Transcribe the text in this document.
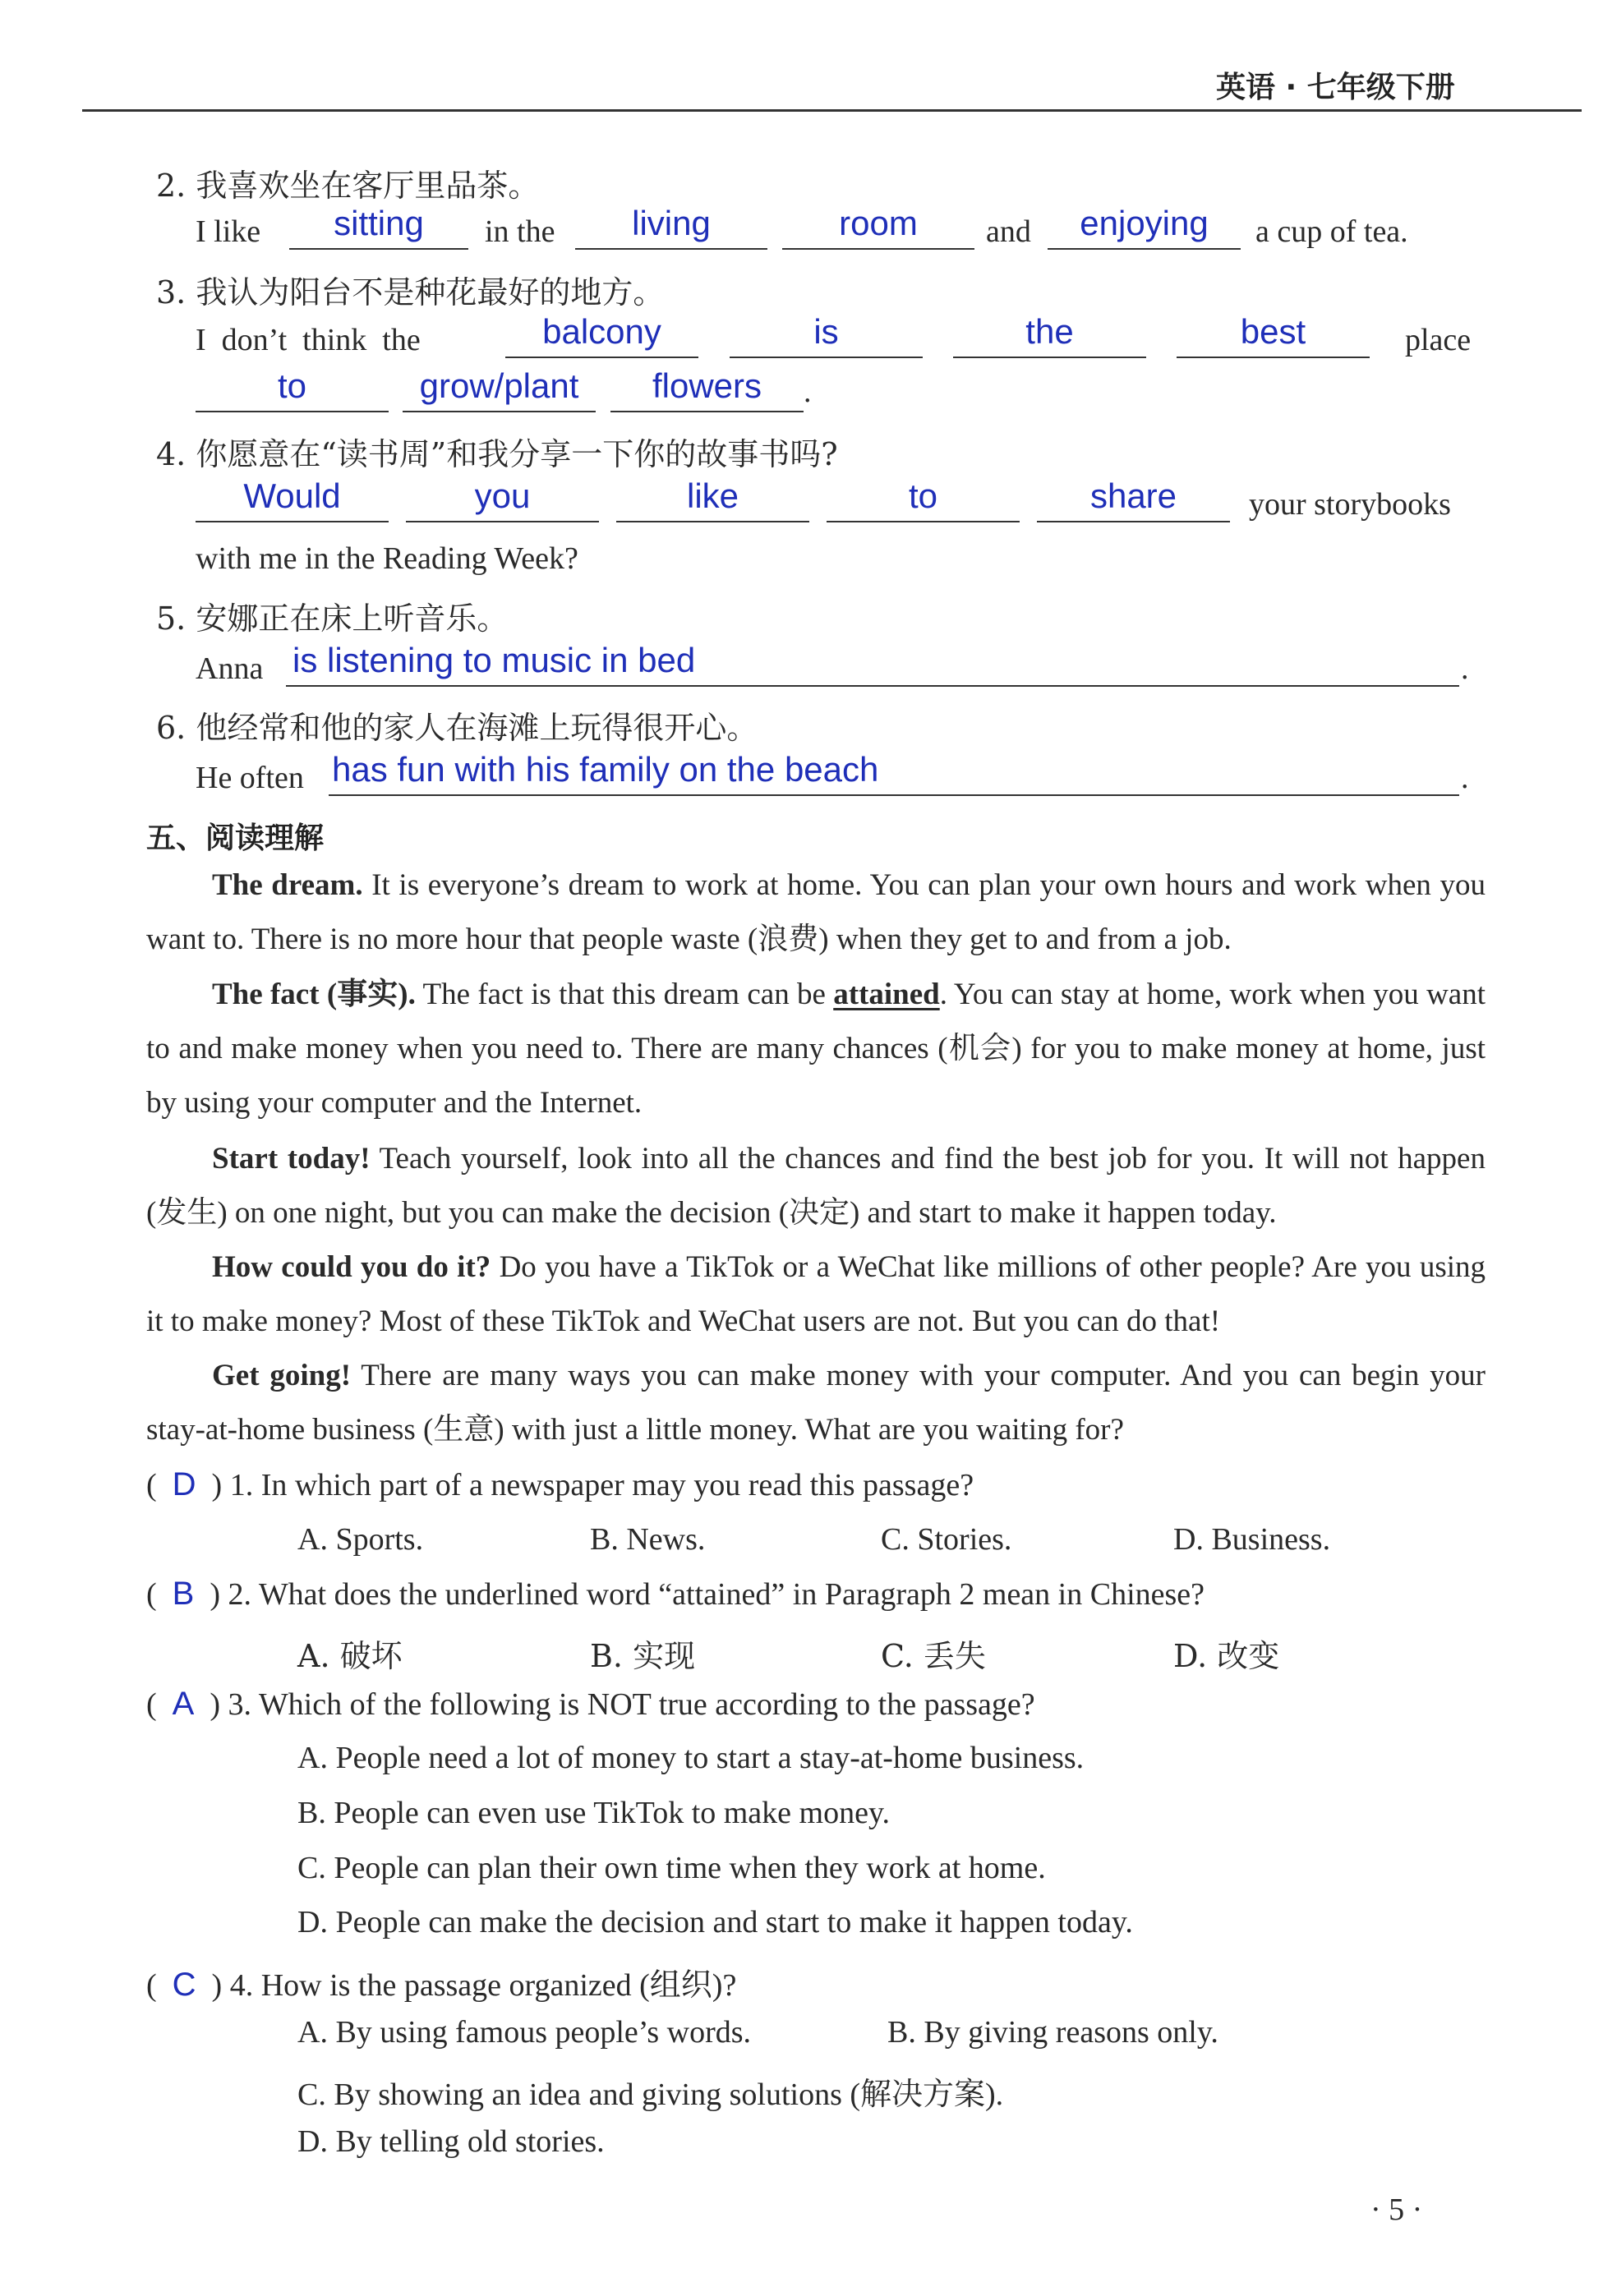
英语 · 七年级下册
2. 我喜欢坐在客厅里品茶。
I like	sitting	in the	living	room	and	enjoying	a cup of tea.
3. 我认为阳台不是种花最好的地方。
I  don’t  think  the	balcony	is	the	best	place
to	grow/plant	flowers	.
4. 你愿意在“读书周”和我分享一下你的故事书吗?
Would	you	like	to	share	your storybooks
with me in the Reading Week?
5. 安娜正在床上听音乐。
Anna is listening to music in bed	.
6. 他经常和他的家人在海滩上玩得很开心。
He often has fun with his family on the beach	.
五、阅读理解
The dream. It is everyone’s dream to work at home. You can plan your own hours and work when you want to. There is no more hour that people waste (浪费) when they get to and from a job.
The fact (事实). The fact is that this dream can be attained. You can stay at home, work when you want to and make money when you need to. There are many chances (机会) for you to make money at home, just by using your computer and the Internet.
Start today! Teach yourself, look into all the chances and find the best job for you. It will not happen (发生) on one night, but you can make the decision (决定) and start to make it happen today.
How could you do it? Do you have a TikTok or a WeChat like millions of other people? Are you using it to make money? Most of these TikTok and WeChat users are not. But you can do that!
Get going! There are many ways you can make money with your computer. And you can begin your stay-at-home business (生意) with just a little money. What are you waiting for?
(  D  ) 1. In which part of a newspaper may you read this passage?
A. Sports.	B. News.	C. Stories.	D. Business.
(  B  ) 2. What does the underlined word “attained” in Paragraph 2 mean in Chinese?
A. 破坏	B. 实现	C. 丢失	D. 改变
(  A  ) 3. Which of the following is NOT true according to the passage?
A. People need a lot of money to start a stay-at-home business.
B. People can even use TikTok to make money.
C. People can plan their own time when they work at home.
D. People can make the decision and start to make it happen today.
(  C  ) 4. How is the passage organized (组织)?
A. By using famous people’s words.	B. By giving reasons only.
C. By showing an idea and giving solutions (解决方案).
D. By telling old stories.
· 5 ·
